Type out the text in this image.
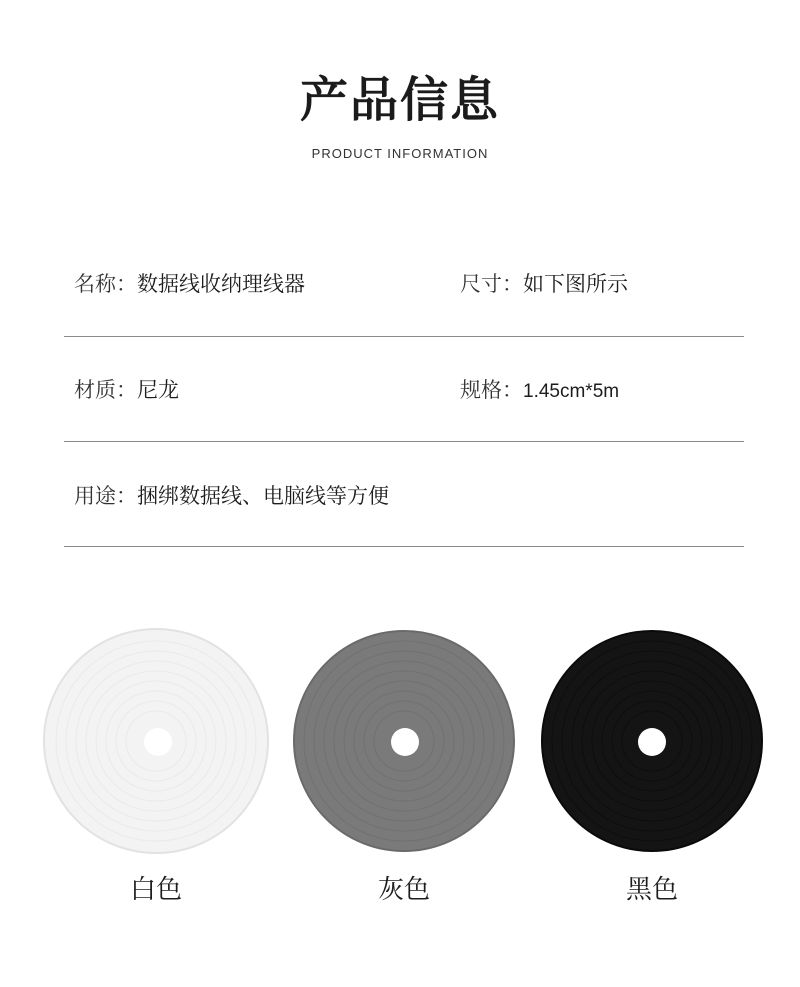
产品信息
PRODUCT INFORMATION
名称：数据线收纳理线器	尺寸：如下图所示
材质：尼龙	规格：1.45cm*5m
用途：捆绑数据线、电脑线等方便
白色	灰色	黑色
